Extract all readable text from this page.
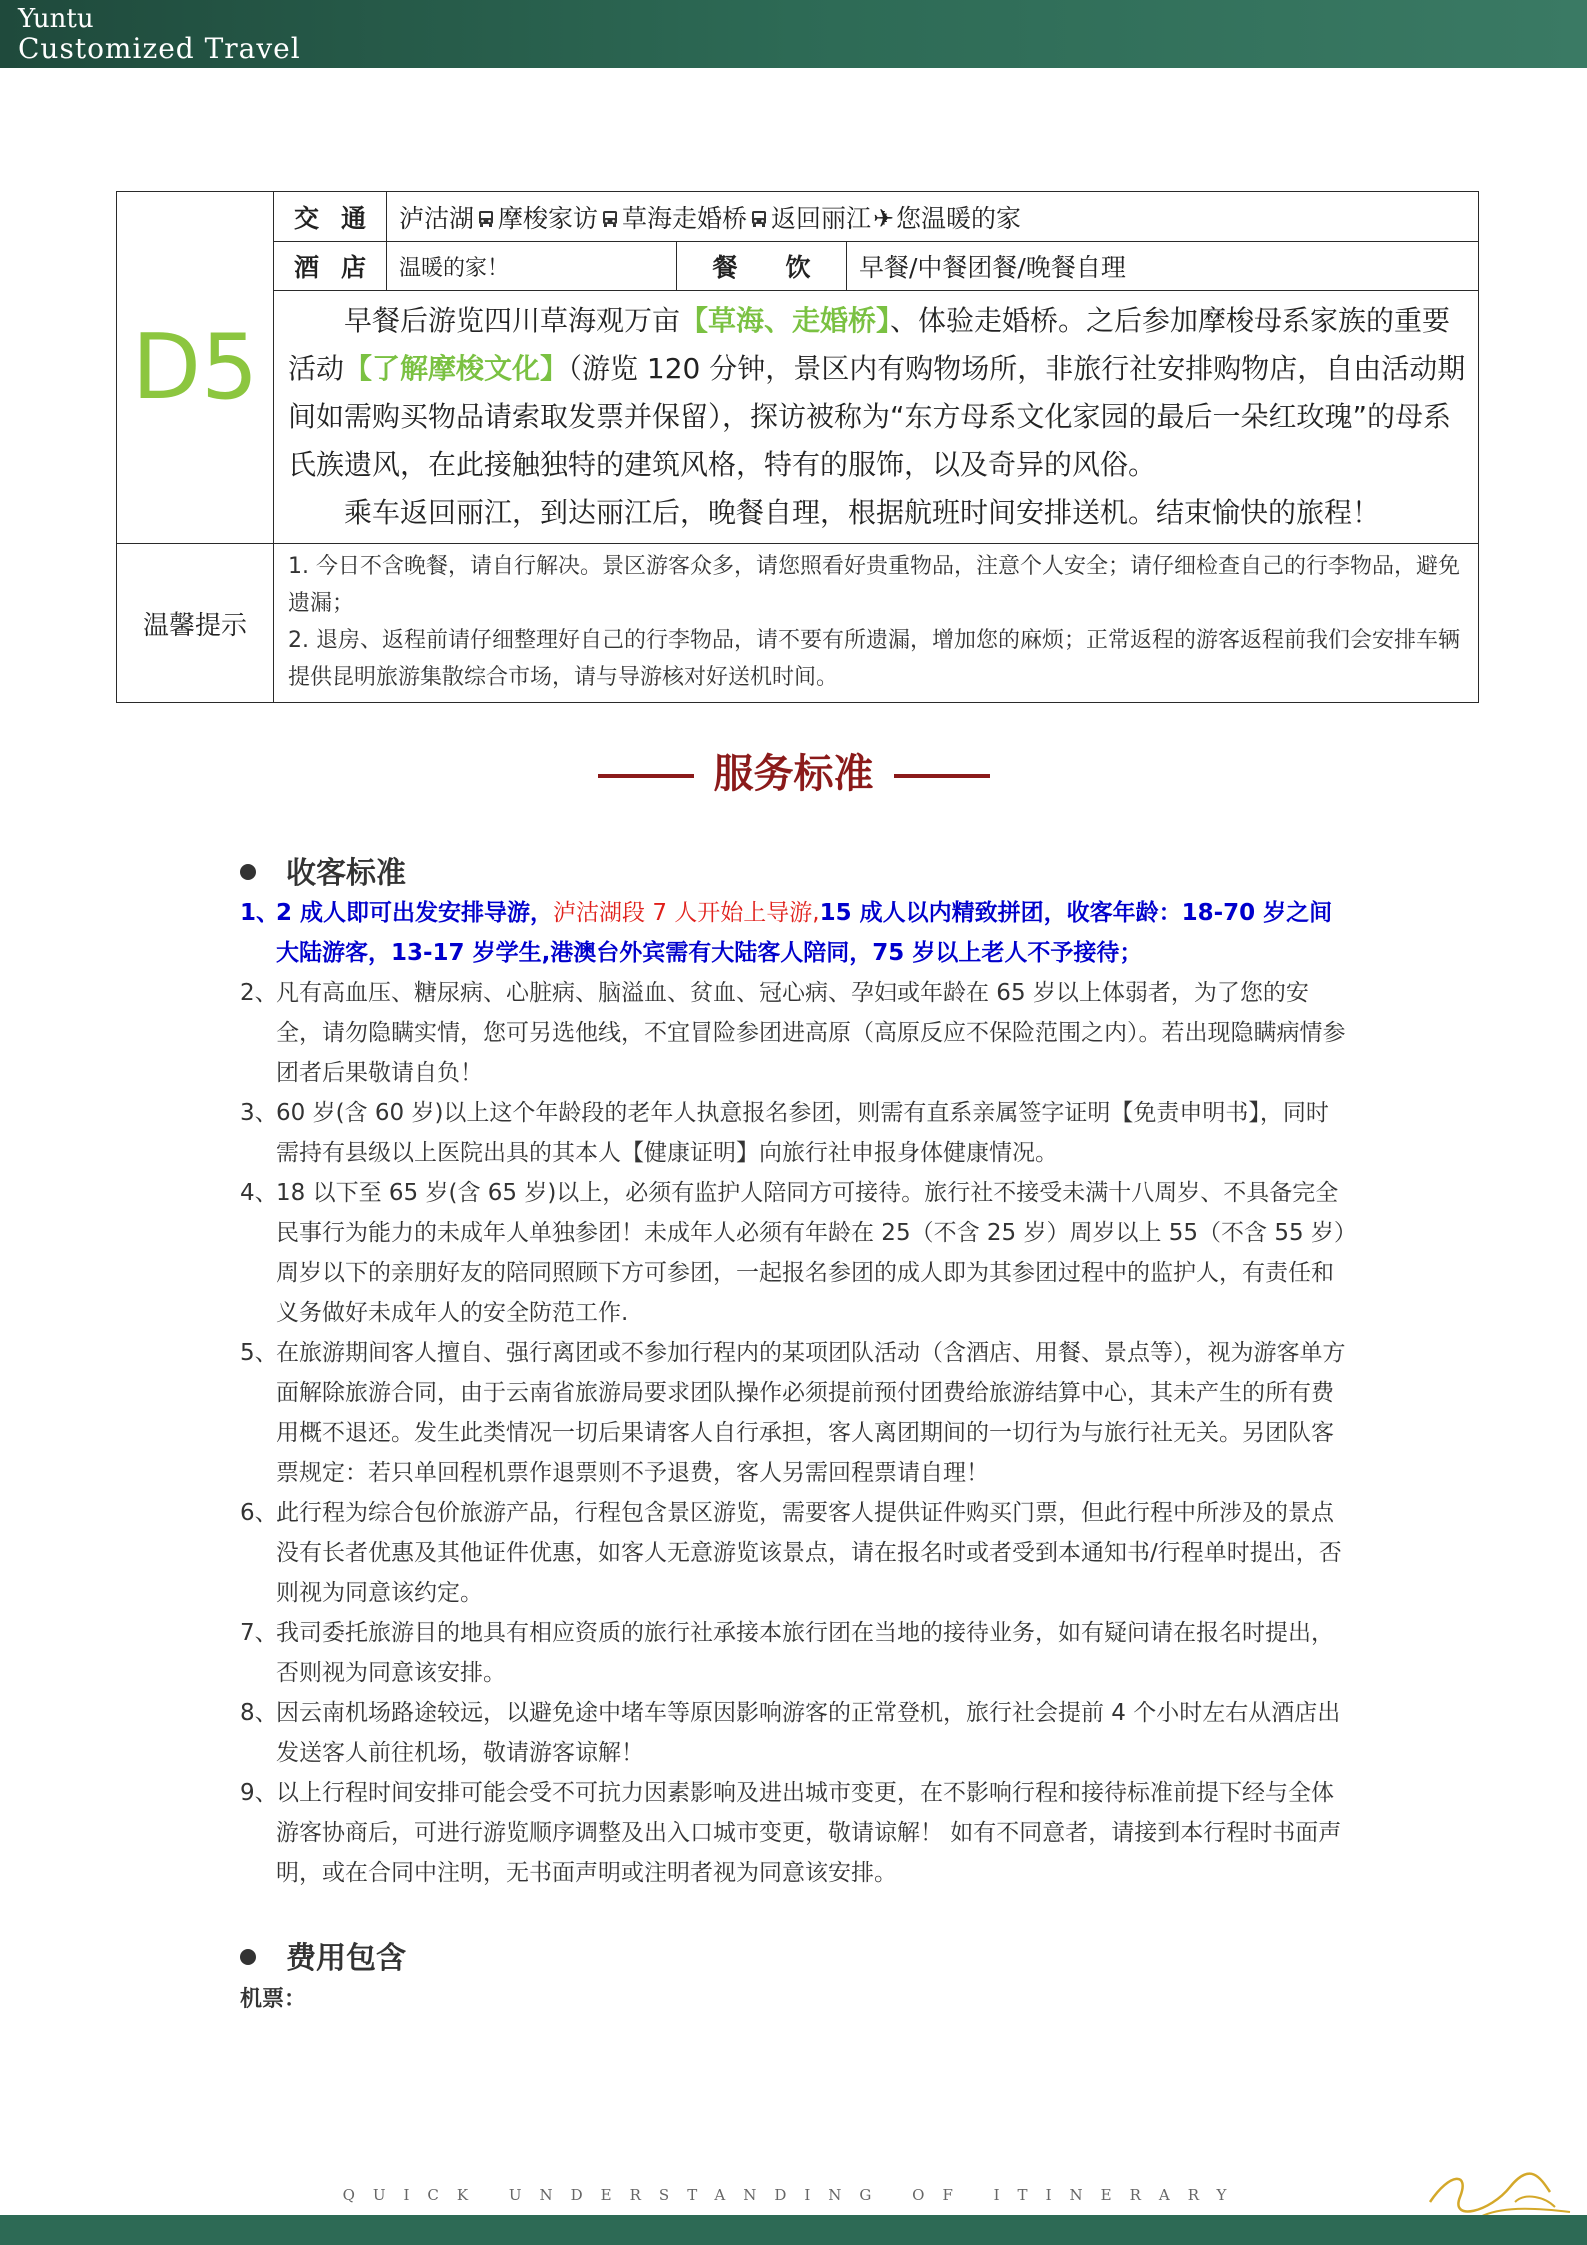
Yuntu
Customized Travel
D5	交 通	泸沽湖 摩梭家访 草海走婚桥 返回丽江✈您温暖的家		
	酒 店	温暖的家！	餐 饮	早餐/中餐团餐/晚餐自理

	早餐后游览四川草海观万亩【草海、走婚桥】、体验走婚桥。之后参加摩梭母系家族的重要活动【了解摩梭文化】（游览 120 分钟，景区内有购物场所，非旅行社安排购物店，自由活动期间如需购买物品请索取发票并保留），探访被称为“东方母系文化家园的最后一朵红玫瑰”的母系氏族遗风，在此接触独特的建筑风格，特有的服饰，以及奇异的风俗。

乘车返回丽江，到达丽江后，晚餐自理，根据航班时间安排送机。结束愉快的旅程！			

温馨提示	1. 今日不含晚餐，请自行解决。景区游客众多，请您照看好贵重物品，注意个人安全；请仔细检查自己的行李物品，避免遗漏；
2. 退房、返程前请仔细整理好自己的行李物品，请不要有所遗漏，增加您的麻烦；正常返程的游客返程前我们会安排车辆提供昆明旅游集散综合市场，请与导游核对好送机时间。			
服务标准
收客标准
1、
2 成人即可出发安排导游，泸沽湖段 7 人开始上导游,15 成人以内精致拼团，收客年龄：18-70 岁之间 大陆游客，13-17 岁学生,港澳台外宾需有大陆客人陪同，75 岁以上老人不予接待；
2、
凡有高血压、糖尿病、心脏病、脑溢血、贫血、冠心病、孕妇或年龄在 65 岁以上体弱者，为了您的安全，请勿隐瞒实情，您可另选他线，不宜冒险参团进高原（高原反应不保险范围之内）。若出现隐瞒病情参团者后果敬请自负！
3、
60 岁(含 60 岁)以上这个年龄段的老年人执意报名参团，则需有直系亲属签字证明【免责申明书】，同时需持有县级以上医院出具的其本人【健康证明】向旅行社申报身体健康情况。
4、
18 以下至 65 岁(含 65 岁)以上，必须有监护人陪同方可接待。旅行社不接受未满十八周岁、不具备完全民事行为能力的未成年人单独参团！未成年人必须有年龄在 25（不含 25 岁）周岁以上 55（不含 55 岁）周岁以下的亲朋好友的陪同照顾下方可参团，一起报名参团的成人即为其参团过程中的监护人，有责任和义务做好未成年人的安全防范工作.
5、
在旅游期间客人擅自、强行离团或不参加行程内的某项团队活动（含酒店、用餐、景点等），视为游客单方面解除旅游合同，由于云南省旅游局要求团队操作必须提前预付团费给旅游结算中心，其未产生的所有费用概不退还。发生此类情况一切后果请客人自行承担，客人离团期间的一切行为与旅行社无关。另团队客票规定：若只单回程机票作退票则不予退费，客人另需回程票请自理！
6、
此行程为综合包价旅游产品，行程包含景区游览，需要客人提供证件购买门票，但此行程中所涉及的景点没有长者优惠及其他证件优惠，如客人无意游览该景点，请在报名时或者受到本通知书/行程单时提出，否则视为同意该约定。
7、
我司委托旅游目的地具有相应资质的旅行社承接本旅行团在当地的接待业务，如有疑问请在报名时提出，否则视为同意该安排。
8、
因云南机场路途较远，以避免途中堵车等原因影响游客的正常登机，旅行社会提前 4 个小时左右从酒店出发送客人前往机场，敬请游客谅解！
9、
以上行程时间安排可能会受不可抗力因素影响及进出城市变更，在不影响行程和接待标准前提下经与全体游客协商后，可进行游览顺序调整及出入口城市变更，敬请谅解！ 如有不同意者，请接到本行程时书面声明，或在合同中注明，无书面声明或注明者视为同意该安排。
费用包含
机票：
QUICK UNDERSTANDING OF ITINERARY
